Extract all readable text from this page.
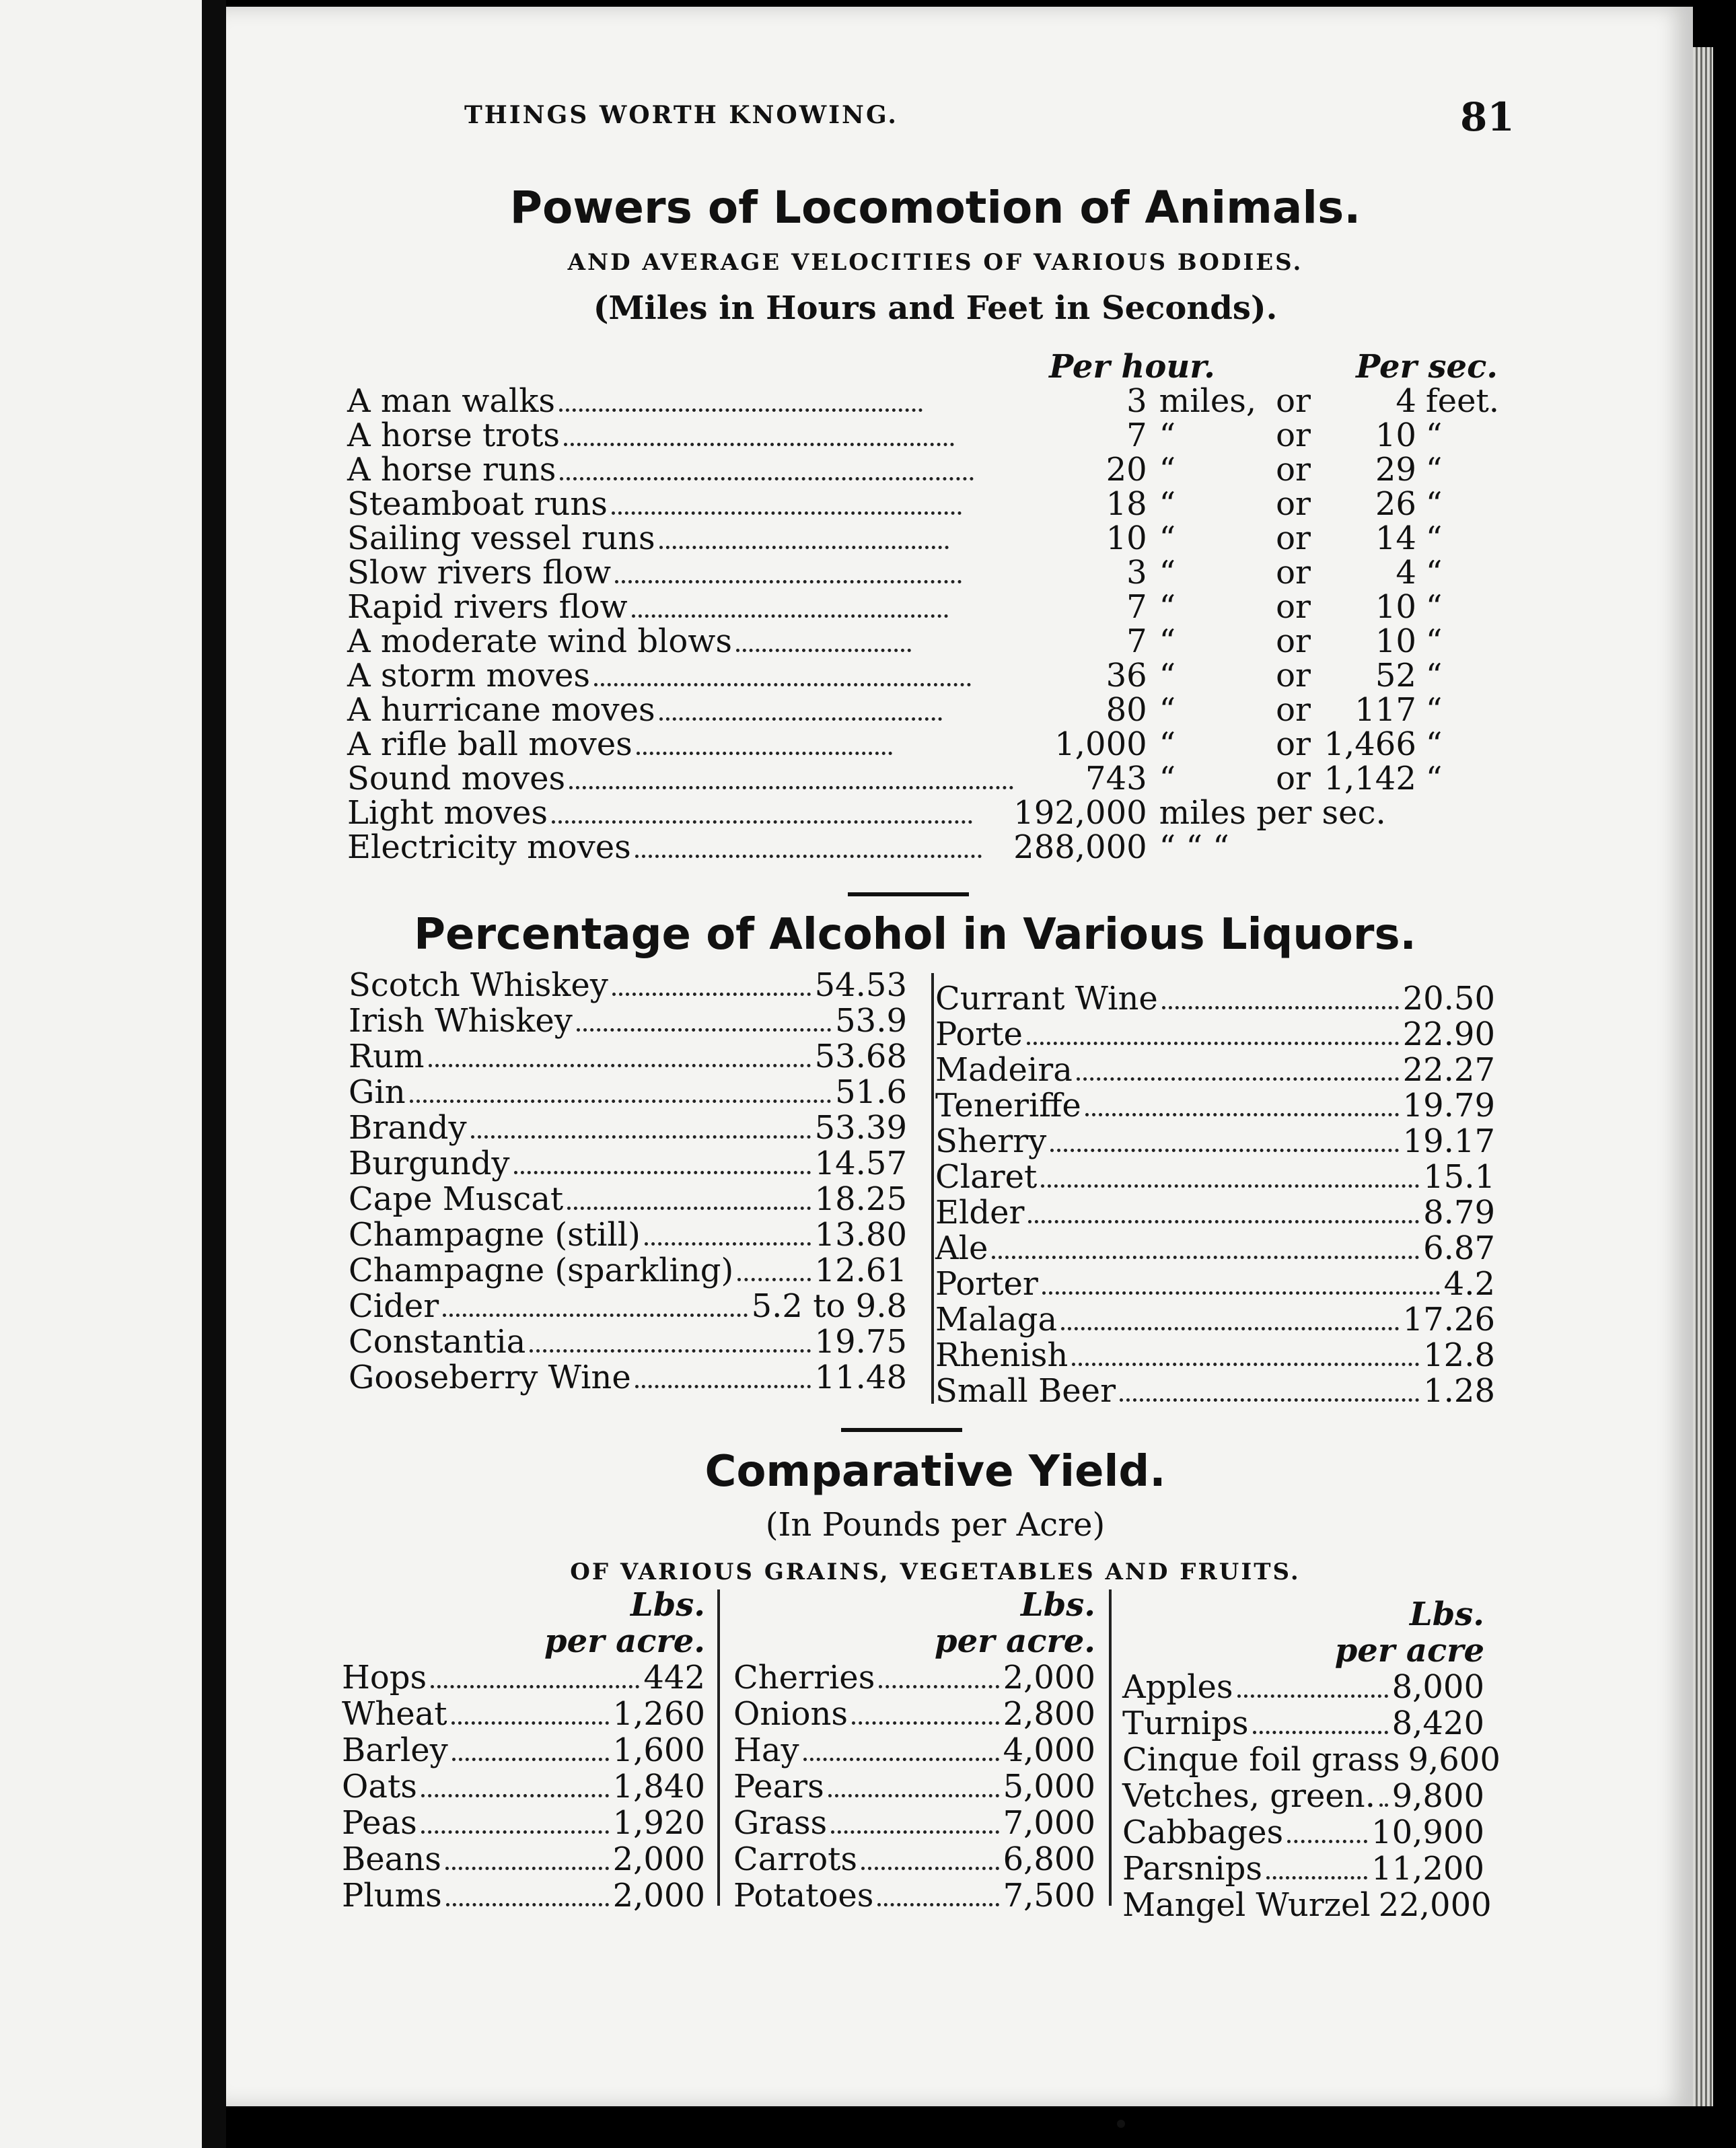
THINGS WORTH KNOWING.	81
Powers of Locomotion of Animals.
AND AVERAGE VELOCITIES OF VARIOUS BODIES.
(Miles in Hours and Feet in Seconds).
	Per hour.			Per sec.	
A man walks	3	miles,	or	4	feet.
A horse trots	7	“	or	10	“
A horse runs	20	“	or	29	“
Steamboat runs	18	“	or	26	“
Sailing vessel runs	10	“	or	14	“
Slow rivers flow	3	“	or	4	“
Rapid rivers flow	7	“	or	10	“
A moderate wind blows	7	“	or	10	“
A storm moves	36	“	or	52	“
A hurricane moves	80	“	or	117	“
A rifle ball moves	1,000	“	or	1,466	“
Sound moves	743	“	or	1,142	“
Light moves	192,000	miles per sec.			
Electricity moves	288,000	“ “ “			
Percentage of Alcohol in Various Liquors.
Scotch Whiskey	54.53
Irish Whiskey	53.9
Rum	53.68
Gin	51.6
Brandy	53.39
Burgundy	14.57
Cape Muscat	18.25
Champagne (still)	13.80
Champagne (sparkling)	12.61
Cider	5.2 to 9.8
Constantia	19.75
Gooseberry Wine	11.48
Currant Wine	20.50
Porte	22.90
Madeira	22.27
Teneriffe	19.79
Sherry	19.17
Claret	15.1
Elder	8.79
Ale	6.87
Porter	4.2
Malaga	17.26
Rhenish	12.8
Small Beer	1.28
Comparative Yield.
(In Pounds per Acre)
OF VARIOUS GRAINS, VEGETABLES AND FRUITS.
Lbs.
per acre.
Hops	442
Wheat	1,260
Barley	1,600
Oats	1,840
Peas	1,920
Beans	2,000
Plums	2,000
Lbs.
per acre.
Cherries	2,000
Onions	2,800
Hay	4,000
Pears	5,000
Grass	7,000
Carrots	6,800
Potatoes	7,500
Lbs.
per acre
Apples	8,000
Turnips	8,420
Cinque foil grass 9,600
Vetches, green. 9,800
Cabbages	10,900
Parsnips	11,200
Mangel Wurzel 22,000
